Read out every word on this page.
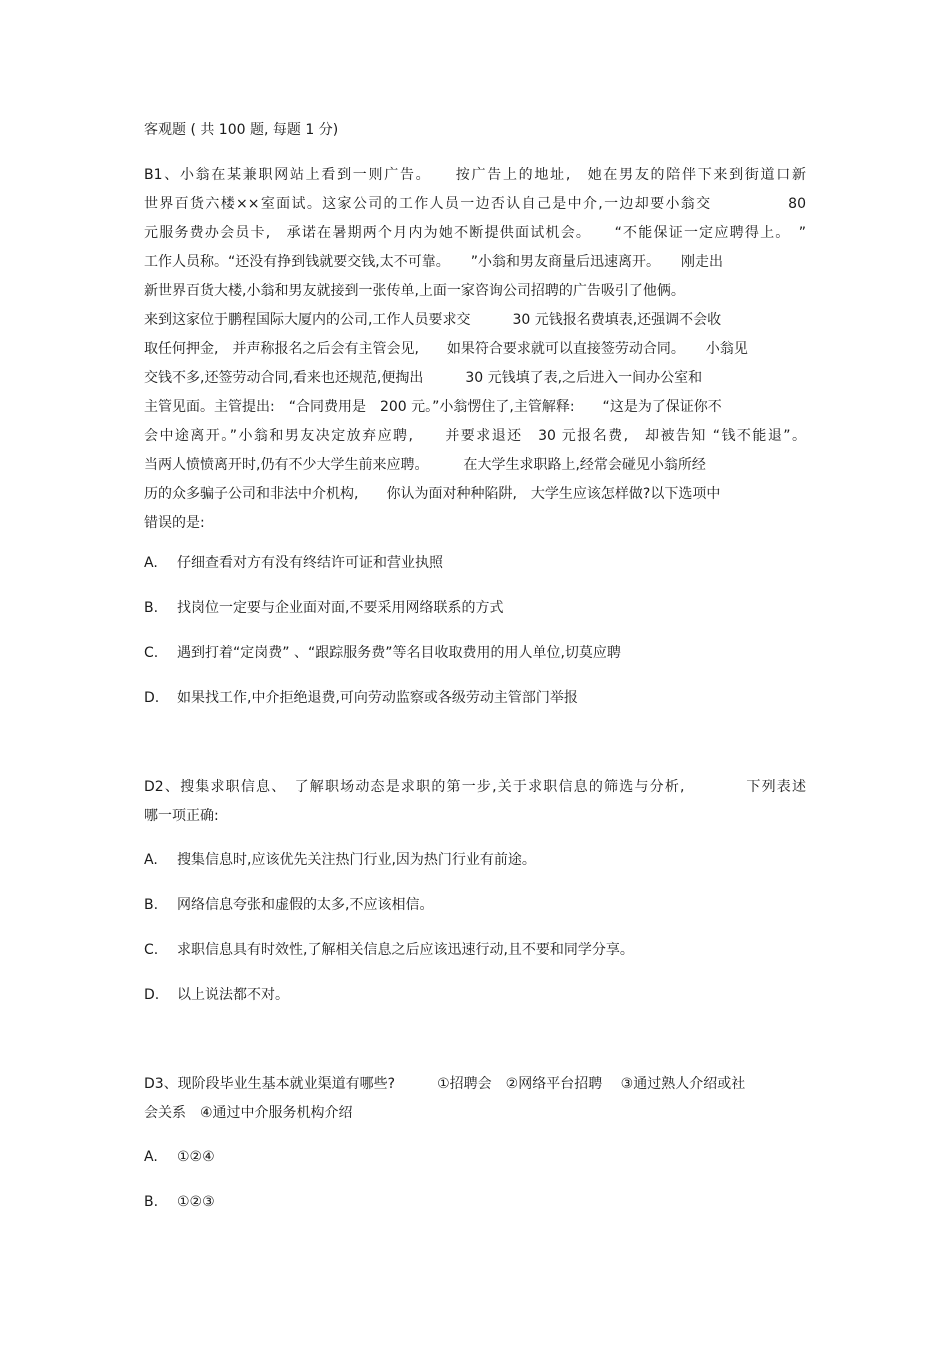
客观题 ( 共 100 题, 每题 1 分)
B1、小翁在某兼职网站上看到一则广告。　　按广告上的地址,　她在男友的陪伴下来到街道口新
世界百货六楼××室面试。这家公司的工作人员一边否认自己是中介,一边却要小翁交　　　　　80
元服务费办会员卡,　承诺在暑期两个月内为她不断提供面试机会。　　“不能保证一定应聘得上。　”
工作人员称。“还没有挣到钱就要交钱,太不可靠。　　”小翁和男友商量后迅速离开。　　刚走出
新世界百货大楼,小翁和男友就接到一张传单,上面一家咨询公司招聘的广告吸引了他俩。
来到这家位于鹏程国际大厦内的公司,工作人员要求交　　　30 元钱报名费填表,还强调不会收
取任何押金,　并声称报名之后会有主管会见,　　如果符合要求就可以直接签劳动合同。　　小翁见
交钱不多,还签劳动合同,看来也还规范,便掏出　　　30 元钱填了表,之后进入一间办公室和
主管见面。主管提出:　“合同费用是　200 元。”小翁愣住了,主管解释:　　“这是为了保证你不
会中途离开。”小翁和男友决定放弃应聘,　　并要求退还　30 元报名费,　却被告知 “钱不能退”。
当两人愤愤离开时,仍有不少大学生前来应聘。　　　在大学生求职路上,经常会碰见小翁所经
历的众多骗子公司和非法中介机构,　　你认为面对种种陷阱,　大学生应该怎样做?以下选项中
错误的是:
A. 仔细查看对方有没有终结许可证和营业执照
B. 找岗位一定要与企业面对面,不要采用网络联系的方式
C. 遇到打着“定岗费” 、“跟踪服务费”等名目收取费用的用人单位,切莫应聘
D. 如果找工作,中介拒绝退费,可向劳动监察或各级劳动主管部门举报
D2、搜集求职信息、　了解职场动态是求职的第一步,关于求职信息的筛选与分析,　　　　下列表述
哪一项正确:
A. 搜集信息时,应该优先关注热门行业,因为热门行业有前途。
B. 网络信息夸张和虚假的太多,不应该相信。
C. 求职信息具有时效性,了解相关信息之后应该迅速行动,且不要和同学分享。
D. 以上说法都不对。
D3、现阶段毕业生基本就业渠道有哪些?　　　①招聘会　②网络平台招聘　 ③通过熟人介绍或社
会关系　④通过中介服务机构介绍
A. ①②④
B. ①②③
